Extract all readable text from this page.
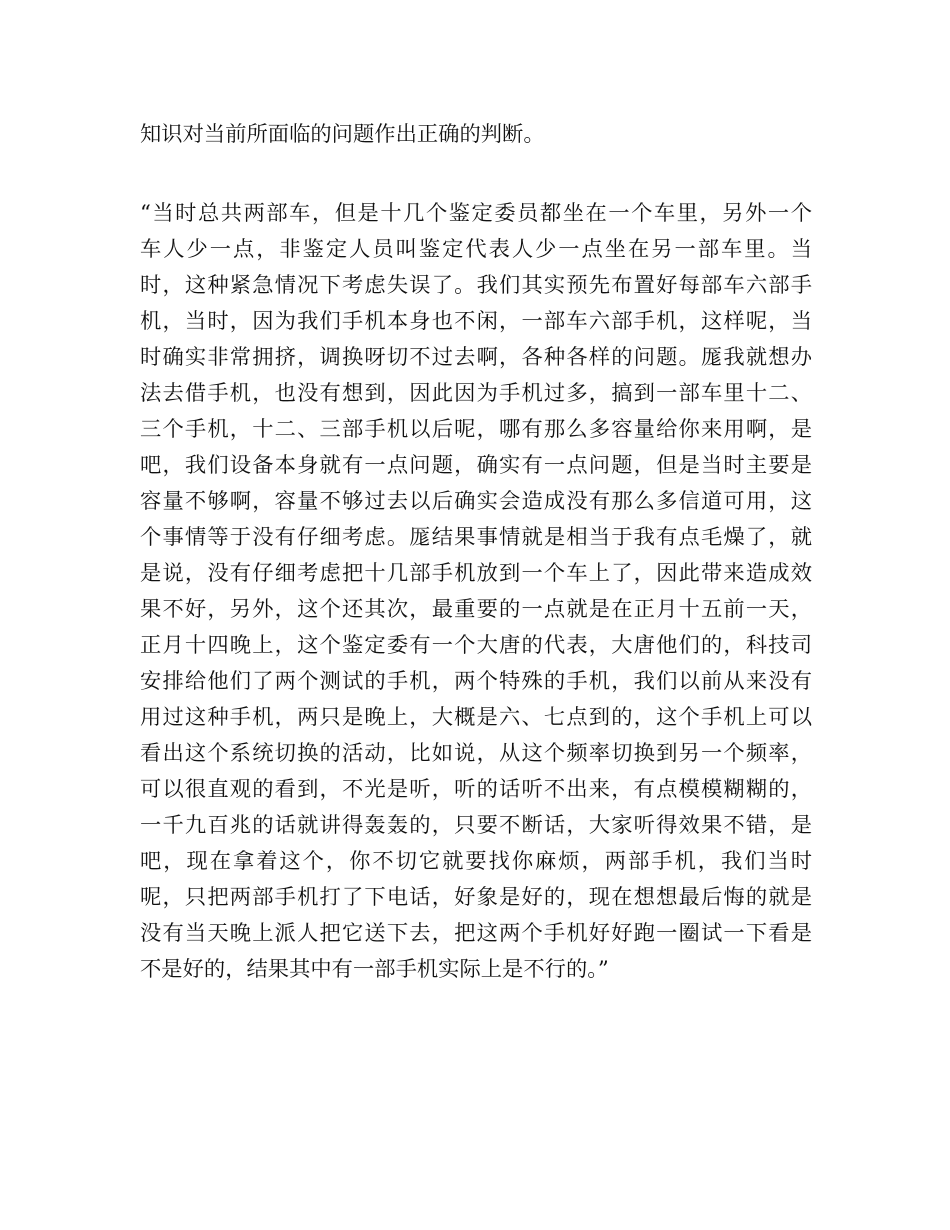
知识对当前所面临的问题作出正确的判断。
“当时总共两部车，但是十几个鉴定委员都坐在一个车里，另外一个
车人少一点，非鉴定人员叫鉴定代表人少一点坐在另一部车里。当
时，这种紧急情况下考虑失误了。我们其实预先布置好每部车六部手
机，当时，因为我们手机本身也不闲，一部车六部手机，这样呢，当
时确实非常拥挤，调换呀切不过去啊，各种各样的问题。厖我就想办
法去借手机，也没有想到，因此因为手机过多，搞到一部车里十二、
三个手机，十二、三部手机以后呢，哪有那么多容量给你来用啊，是
吧，我们设备本身就有一点问题，确实有一点问题，但是当时主要是
容量不够啊，容量不够过去以后确实会造成没有那么多信道可用，这
个事情等于没有仔细考虑。厖结果事情就是相当于我有点毛燥了，就
是说，没有仔细考虑把十几部手机放到一个车上了，因此带来造成效
果不好，另外，这个还其次，最重要的一点就是在正月十五前一天，
正月十四晚上，这个鉴定委有一个大唐的代表，大唐他们的，科技司
安排给他们了两个测试的手机，两个特殊的手机，我们以前从来没有
用过这种手机，两只是晚上，大概是六、七点到的，这个手机上可以
看出这个系统切换的活动，比如说，从这个频率切换到另一个频率，
可以很直观的看到，不光是听，听的话听不出来，有点模模糊糊的，
一千九百兆的话就讲得轰轰的，只要不断话，大家听得效果不错，是
吧，现在拿着这个，你不切它就要找你麻烦，两部手机，我们当时
呢，只把两部手机打了下电话，好象是好的，现在想想最后悔的就是
没有当天晚上派人把它送下去，把这两个手机好好跑一圈试一下看是
不是好的，结果其中有一部手机实际上是不行的。”
